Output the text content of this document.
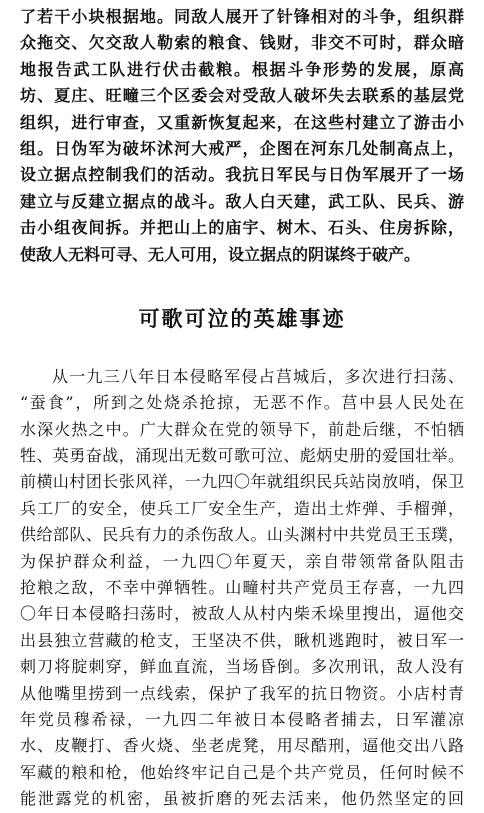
了若干小块根据地。同敌人展开了针锋相对的斗争，组织群
众拖交、欠交敌人勒索的粮食、钱财，非交不可时，群众暗
地报告武工队进行伏击截粮。根据斗争形势的发展，原高
坊、夏庄、旺疃三个区委会对受敌人破坏失去联系的基层党
组织，进行审查，又重新恢复起来，在这些村建立了游击小
组。日伪军为破坏沭河大戒严，企图在河东几处制高点上，
设立据点控制我们的活动。我抗日军民与日伪军展开了一场
建立与反建立据点的战斗。敌人白天建，武工队、民兵、游
击小组夜间拆。并把山上的庙宇、树木、石头、住房拆除，
使敌人无料可寻、无人可用，设立据点的阴谋终于破产。
可歌可泣的英雄事迹
从一九三八年日本侵略军侵占莒城后，多次进行扫荡、
“蚕食”，所到之处烧杀抢掠，无恶不作。莒中县人民处在
水深火热之中。广大群众在党的领导下，前赴后继，不怕牺
牲、英勇奋战，涌现出无数可歌可泣、彪炳史册的爱国壮举。
前横山村团长张风祥，一九四〇年就组织民兵站岗放哨，保卫
兵工厂的安全，使兵工厂安全生产，造出土炸弹、手榴弹，
供给部队、民兵有力的杀伤敌人。山头渊村中共党员王玉璞，
为保护群众利益，一九四〇年夏天，亲自带领常备队阻击
抢粮之敌，不幸中弹牺牲。山疃村共产党员王存喜，一九四
〇年日本侵略扫荡时，被敌人从村内柴禾垛里搜出，逼他交
出县独立营藏的枪支，王坚决不供，瞅机逃跑时，被日军一
刺刀将腚刺穿，鲜血直流，当场昏倒。多次刑讯，敌人没有
从他嘴里捞到一点线索，保护了我军的抗日物资。小店村青
年党员穆希禄，一九四二年被日本侵略者捕去，日军灌凉
水、皮鞭打、香火烧、坐老虎凳，用尽酷刑，逼他交出八路
军藏的粮和枪，他始终牢记自己是个共产党员，任何时候不
能泄露党的机密，虽被折磨的死去活来，他仍然坚定的回
